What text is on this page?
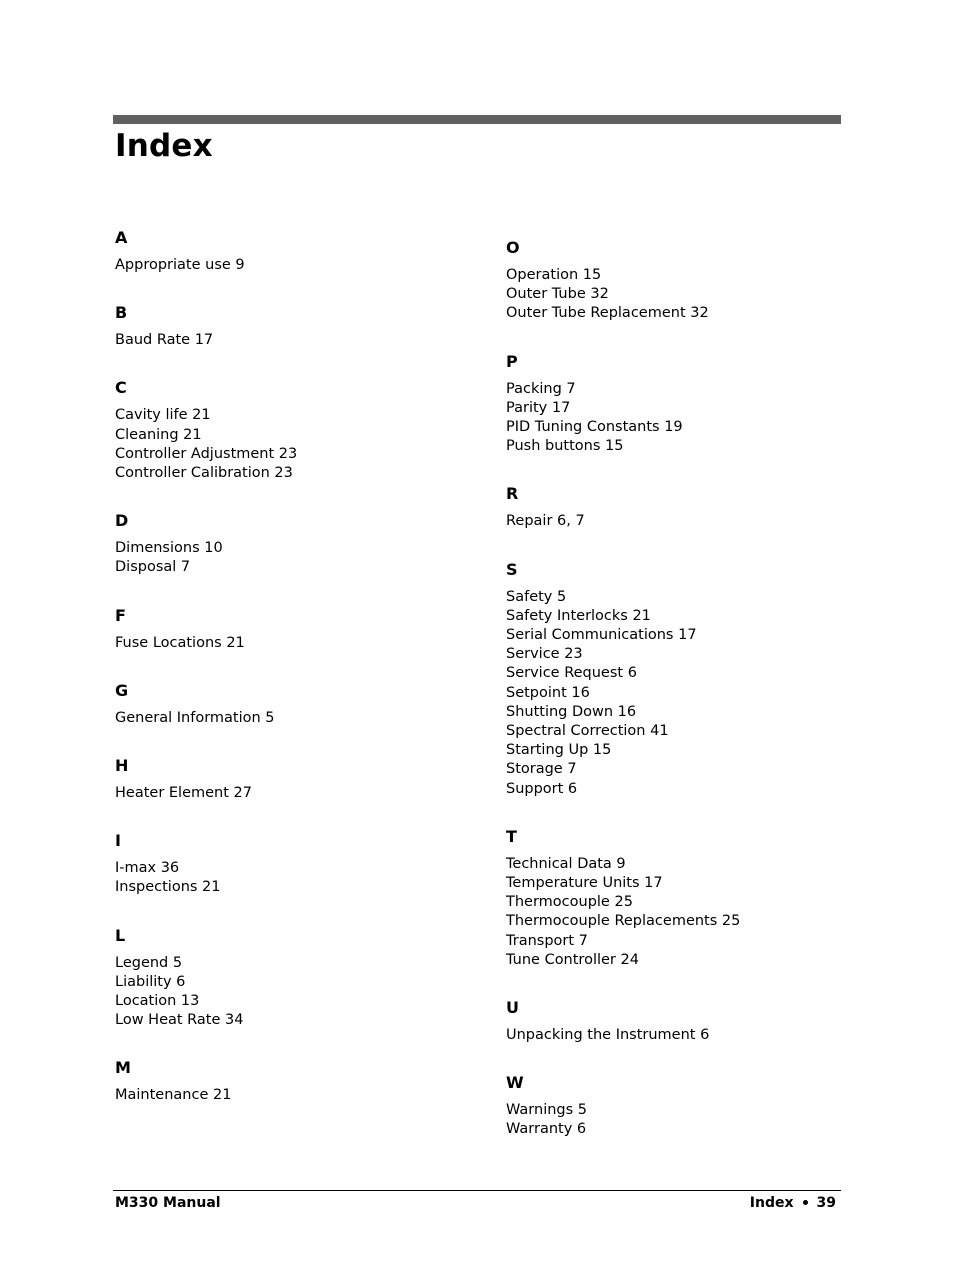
Index
A
Appropriate use 9
B
Baud Rate 17
C
Cavity life 21
Cleaning 21
Controller Adjustment 23
Controller Calibration 23
D
Dimensions 10
Disposal 7
F
Fuse Locations 21
G
General Information 5
H
Heater Element 27
I
I-max 36
Inspections 21
L
Legend 5
Liability 6
Location 13
Low Heat Rate 34
M
Maintenance 21
O
Operation 15
Outer Tube 32
Outer Tube Replacement 32
P
Packing 7
Parity 17
PID Tuning Constants 19
Push buttons 15
R
Repair 6, 7
S
Safety 5
Safety Interlocks 21
Serial Communications 17
Service 23
Service Request 6
Setpoint 16
Shutting Down 16
Spectral Correction 41
Starting Up 15
Storage 7
Support 6
T
Technical Data 9
Temperature Units 17
Thermocouple 25
Thermocouple Replacements 25
Transport 7
Tune Controller 24
U
Unpacking the Instrument 6
W
Warnings 5
Warranty 6
M330 Manual	Index 39
